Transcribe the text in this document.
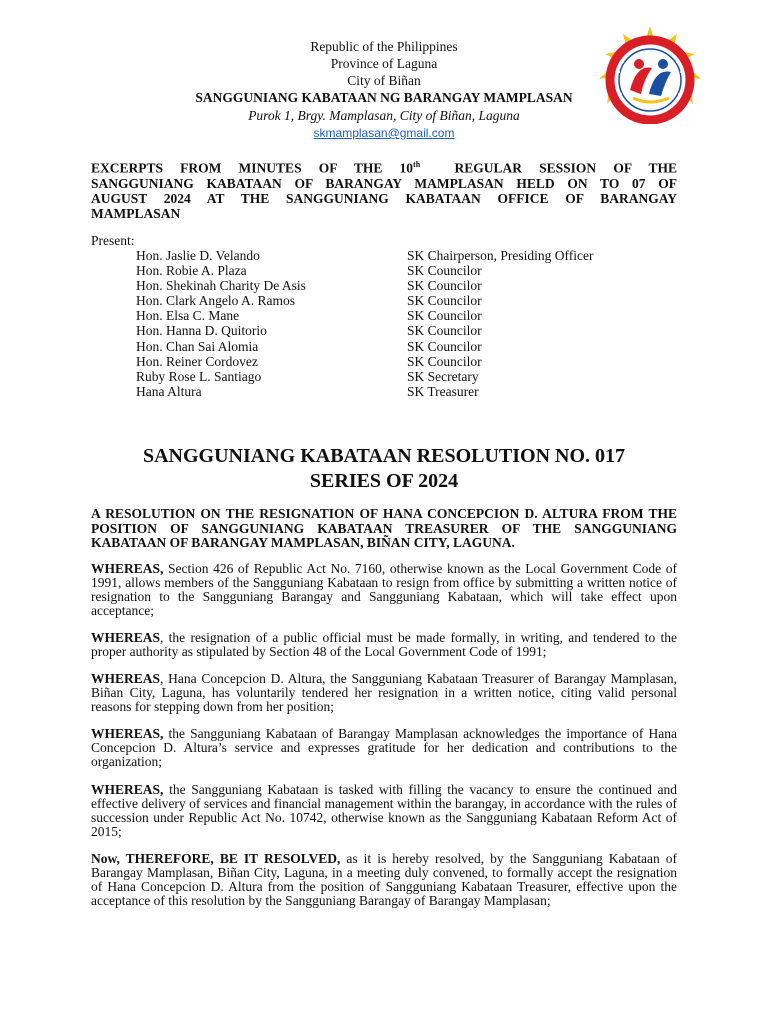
Republic of the Philippines
Province of Laguna
City of Biñan
SANGGUNIANG KABATAAN NG BARANGAY MAMPLASAN
Purok 1, Brgy. Mamplasan, City of Biñan, Laguna
skmamplasan@gmail.com
EXCERPTS FROM MINUTES OF THE 10th	REGULAR SESSION OF THE
SANGGUNIANG KABATAAN OF BARANGAY MAMPLASAN HELD ON TO 07 OF
AUGUST 2024 AT THE SANGGUNIANG KABATAAN OFFICE OF BARANGAY
MAMPLASAN
Present:
Hon. Jaslie D. Velando	SK Chairperson, Presiding Officer
Hon. Robie A. Plaza	SK Councilor
Hon. Shekinah Charity De Asis	SK Councilor
Hon. Clark Angelo A. Ramos	SK Councilor
Hon. Elsa C. Mane	SK Councilor
Hon. Hanna D. Quitorio	SK Councilor
Hon. Chan Sai Alomia	SK Councilor
Hon. Reiner Cordovez	SK Councilor
Ruby Rose L. Santiago	SK Secretary
Hana Altura	SK Treasurer
SANGGUNIANG KABATAAN RESOLUTION NO. 017
SERIES OF 2024
A RESOLUTION ON THE RESIGNATION OF HANA CONCEPCION D. ALTURA FROM THE
POSITION OF SANGGUNIANG KABATAAN TREASURER OF THE SANGGUNIANG
KABATAAN OF BARANGAY MAMPLASAN, BIÑAN CITY, LAGUNA.
WHEREAS, Section 426 of Republic Act No. 7160, otherwise known as the Local Government Code of 1991, allows members of the Sangguniang Kabataan to resign from office by submitting a written notice of resignation to the Sangguniang Barangay and Sangguniang Kabataan, which will take effect upon acceptance;
WHEREAS, the resignation of a public official must be made formally, in writing, and tendered to the proper authority as stipulated by Section 48 of the Local Government Code of 1991;
WHEREAS, Hana Concepcion D. Altura, the Sangguniang Kabataan Treasurer of Barangay Mamplasan, Biñan City, Laguna, has voluntarily tendered her resignation in a written notice, citing valid personal reasons for stepping down from her position;
WHEREAS, the Sangguniang Kabataan of Barangay Mamplasan acknowledges the importance of Hana Concepcion D. Altura’s service and expresses gratitude for her dedication and contributions to the organization;
WHEREAS, the Sangguniang Kabataan is tasked with filling the vacancy to ensure the continued and effective delivery of services and financial management within the barangay, in accordance with the rules of succession under Republic Act No. 10742, otherwise known as the Sangguniang Kabataan Reform Act of 2015;
Now, THEREFORE, BE IT RESOLVED, as it is hereby resolved, by the Sangguniang Kabataan of Barangay Mamplasan, Biñan City, Laguna, in a meeting duly convened, to formally accept the resignation of Hana Concepcion D. Altura from the position of Sangguniang Kabataan Treasurer, effective upon the acceptance of this resolution by the Sangguniang Barangay of Barangay Mamplasan;
